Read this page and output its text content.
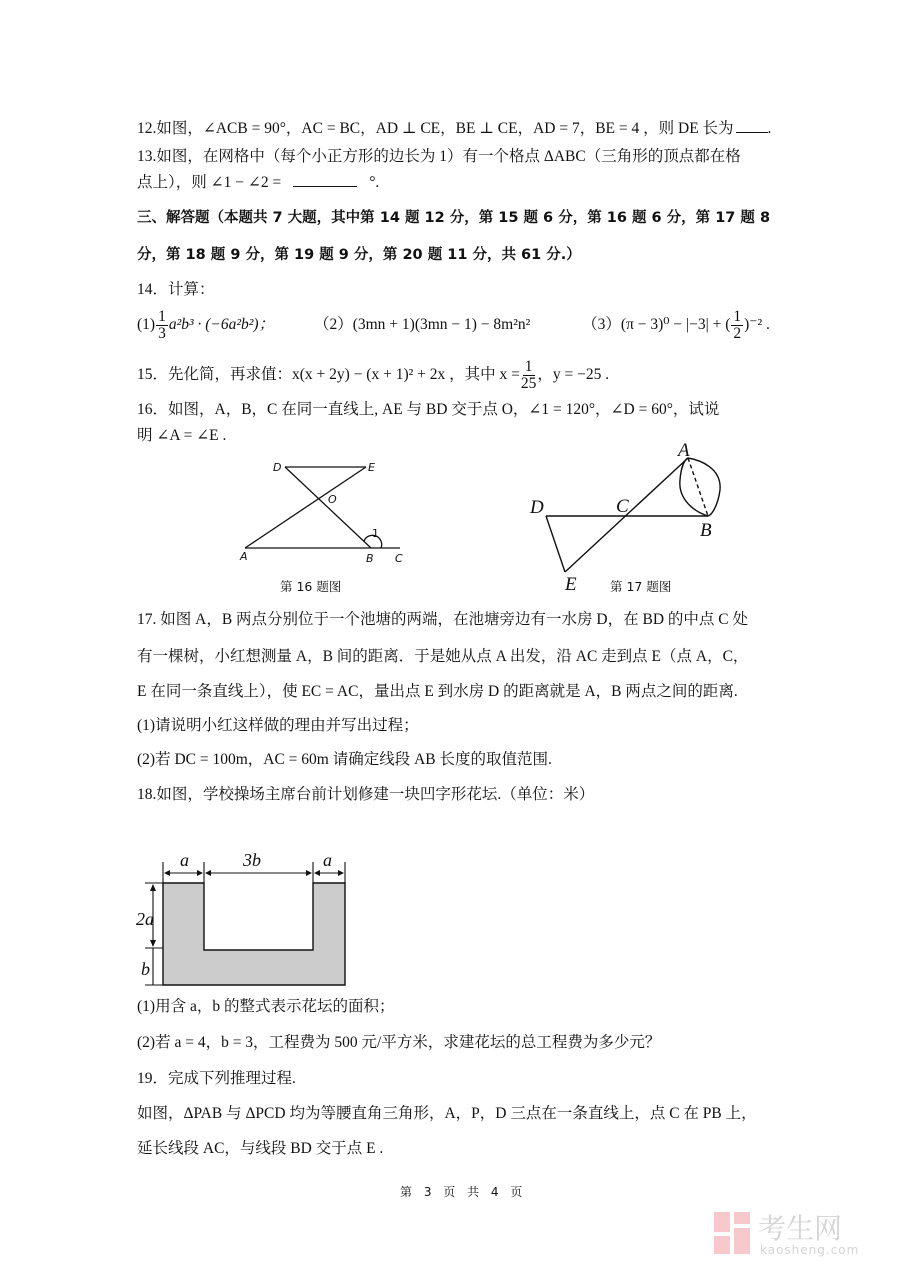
12.如图，∠ACB = 90°，AC = BC，AD ⊥ CE，BE ⊥ CE，AD = 7，BE = 4 ，则 DE 长为 .
13.如图，在网格中（每个小正方形的边长为 1）有一个格点 ΔABC（三角形的顶点都在格
点上），则 ∠1 − ∠2 =	°.
三、解答题（本题共 7 大题，其中第 14 题 12 分，第 15 题 6 分，第 16 题 6 分，第 17 题 8
分，第 18 题 9 分，第 19 题 9 分，第 20 题 11 分，共 61 分.）
14．计算：
$(1) \frac{1}{3} a^2b^3 \cdot (-6a^2b^2)$；	（2）(3mn + 1)(3mn − 1) − 8m²n²	（3）(π − 3)⁰ − |−3| + ( $\frac{1}{2} )^{-2}$ .
15．先化简，再求值：x(x + 2y) − (x + 1)² + 2x ，其中 $x = \frac{1}{25}$ ，y = −25 .
16．如图，A，B，C 在同一直线上, AE 与 BD 交于点 O，∠1 = 120°，∠D = 60°，试说
明 ∠A = ∠E .
D	E
O
A	B C
1
A
B
C
D
E
a	3b	a
2a
b
第 16 题图	第 17 题图
17. 如图 A，B 两点分别位于一个池塘的两端，在池塘旁边有一水房 D，在 BD 的中点 C 处
有一棵树，小红想测量 A，B 间的距离．于是她从点 A 出发，沿 AC 走到点 E（点 A，C，
E 在同一条直线上），使 EC = AC，量出点 E 到水房 D 的距离就是 A，B 两点之间的距离.
(1)请说明小红这样做的理由并写出过程；
(2)若 DC = 100m，AC = 60m 请确定线段 AB 长度的取值范围.
18.如图，学校操场主席台前计划修建一块凹字形花坛.（单位：米）
(1)用含 a，b 的整式表示花坛的面积；
(2)若 a = 4，b = 3，工程费为 500 元/平方米，求建花坛的总工程费为多少元？
19．完成下列推理过程.
如图，ΔPAB 与 ΔPCD 均为等腰直角三角形，A，P，D 三点在一条直线上，点 C 在 PB 上，
延长线段 AC，与线段 BD 交于点 E .
第 3 页 共 4 页
考生网
kaosheng.com
